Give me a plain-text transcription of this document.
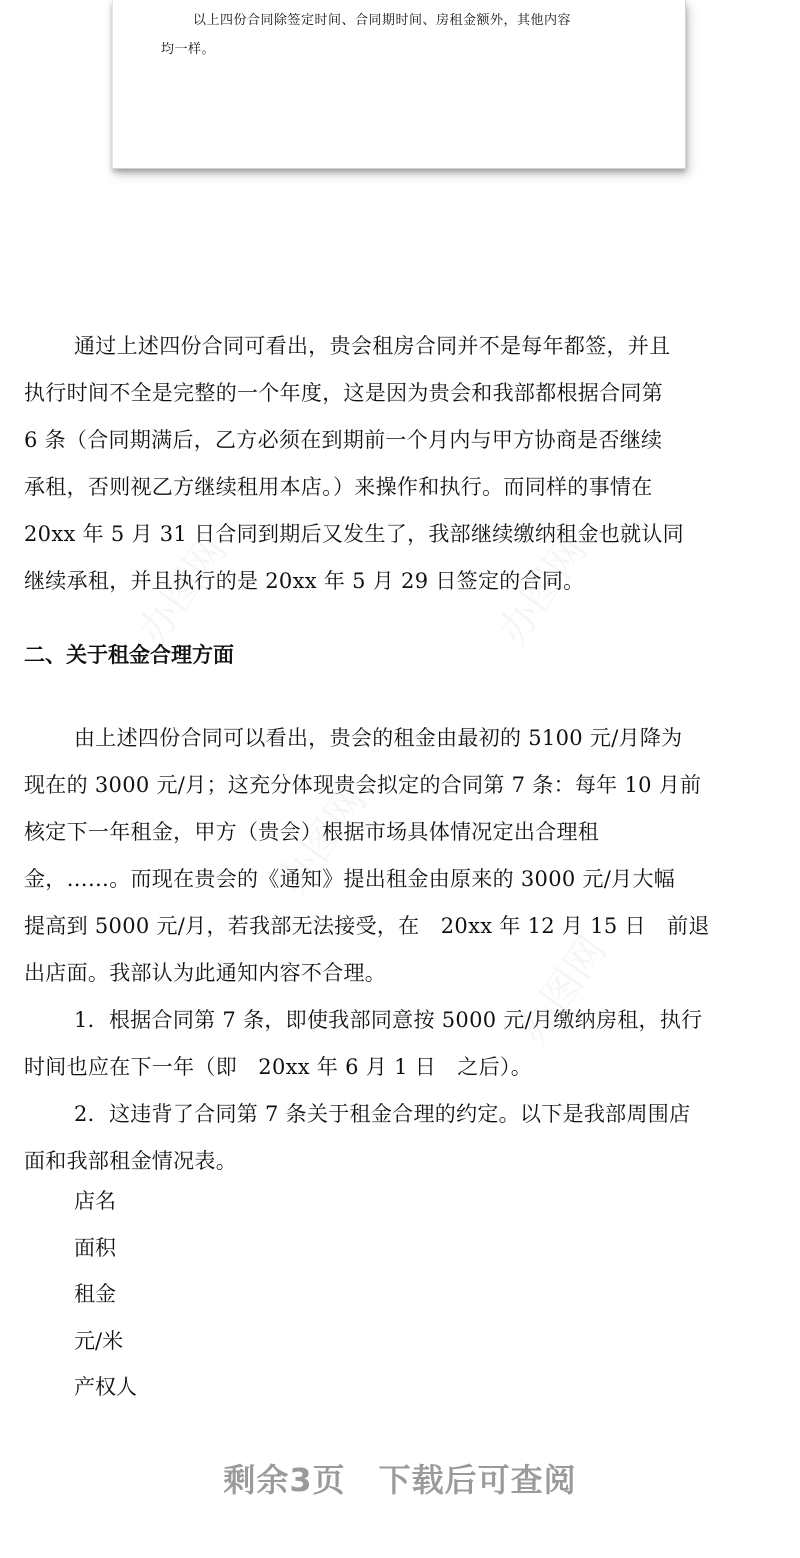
以上四份合同除签定时间、合同期时间、房租金额外，其他内容
均一样。

办图网	办图网
办图网
办图网
通过上述四份合同可看出，贵会租房合同并不是每年都签，并且
执行时间不全是完整的一个年度，这是因为贵会和我部都根据合同第
6 条（合同期满后，乙方必须在到期前一个月内与甲方协商是否继续
承租，否则视乙方继续租用本店。）来操作和执行。而同样的事情在
20xx 年 5 月 31 日合同到期后又发生了，我部继续缴纳租金也就认同
继续承租，并且执行的是 20xx 年 5 月 29 日签定的合同。
二、关于租金合理方面
由上述四份合同可以看出，贵会的租金由最初的 5100 元/月降为
现在的 3000 元/月；这充分体现贵会拟定的合同第 7 条：每年 10 月前
核定下一年租金，甲方（贵会）根据市场具体情况定出合理租
金，……。而现在贵会的《通知》提出租金由原来的 3000 元/月大幅
提高到 5000 元/月，若我部无法接受，在　20xx 年 12 月 15 日　前退
出店面。我部认为此通知内容不合理。
1．根据合同第 7 条，即使我部同意按 5000 元/月缴纳房租，执行
时间也应在下一年（即　20xx 年 6 月 1 日　之后）。
2．这违背了合同第 7 条关于租金合理的约定。以下是我部周围店
面和我部租金情况表。
店名
面积
租金
元/米
产权人
剩余3页　下载后可查阅
